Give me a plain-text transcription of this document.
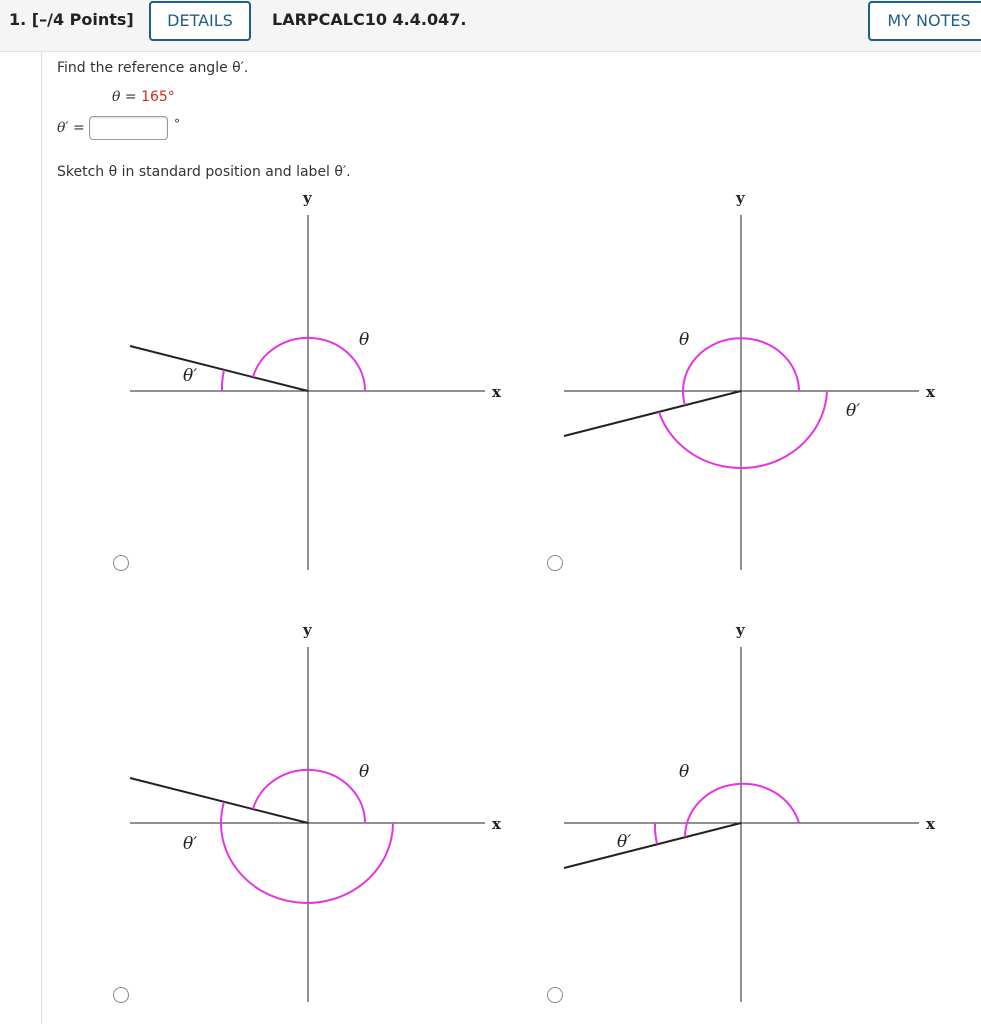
1. [–/4 Points]	DETAILS	LARPCALC10 4.4.047.	MY NOTES
Find the reference angle θ′.
θ = 165°
θ′ =	°
Sketch θ in standard position and label θ′.
y
x
θ
θ′
y
x
θ
θ′
y
x
θ
θ′
y
x
θ
θ′
